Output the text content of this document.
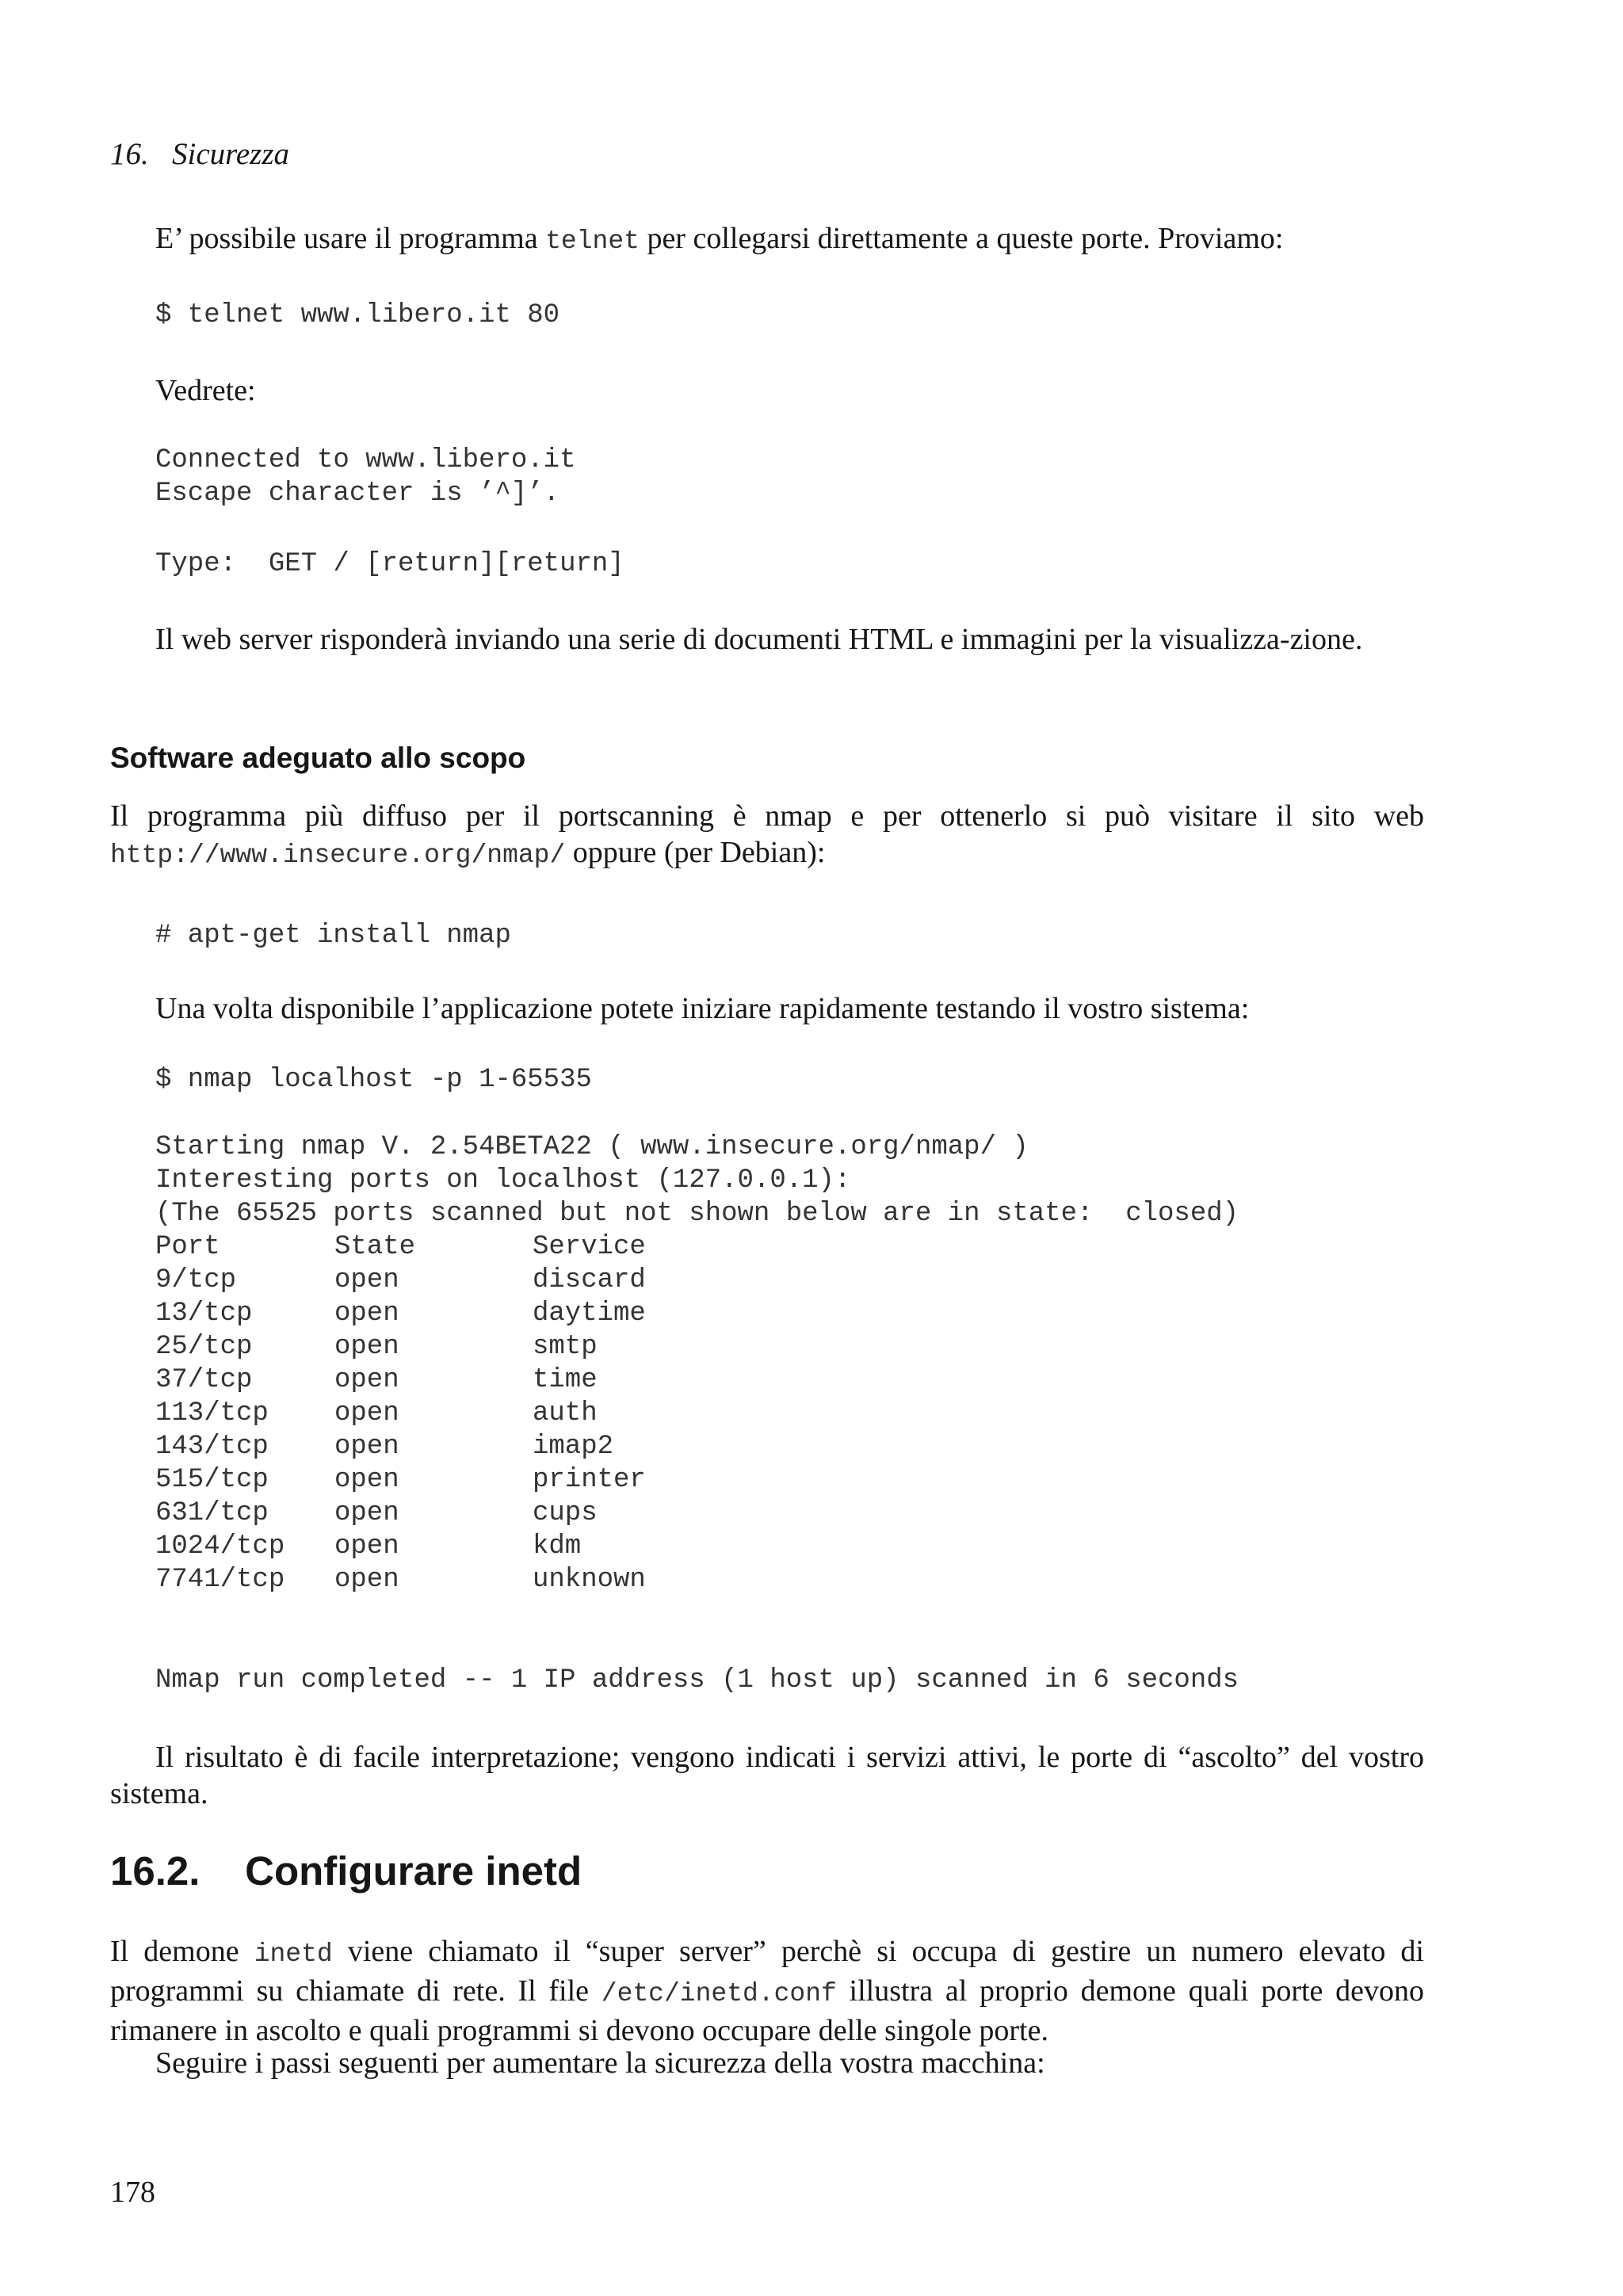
16. Sicurezza

E’ possibile usare il programma telnet per collegarsi direttamente a queste porte. Proviamo:

$ telnet www.libero.it 80

Vedrete:

Connected to www.libero.it
Escape character is ’^]’.
Type:  GET / [return][return]

Il web server risponderà inviando una serie di documenti HTML e immagini per la visualizza-zione.

Software adeguato allo scopo

Il programma più diffuso per il portscanning è nmap e per ottenerlo si può visitare il sito web http://www.insecure.org/nmap/ oppure (per Debian):

# apt-get install nmap

Una volta disponibile l’applicazione potete iniziare rapidamente testando il vostro sistema:

$ nmap localhost -p 1-65535
Starting nmap V. 2.54BETA22 ( www.insecure.org/nmap/ )
Interesting ports on localhost (127.0.0.1):
(The 65525 ports scanned but not shown below are in state:  closed)
Port	State	Service
9/tcp	open	discard
13/tcp	open	daytime
25/tcp	open	smtp
37/tcp	open	time
113/tcp	open	auth
143/tcp	open	imap2
515/tcp	open	printer
631/tcp	open	cups
1024/tcp	open	kdm
7741/tcp	open	unknown
Nmap run completed -- 1 IP address (1 host up) scanned in 6 seconds

Il risultato è di facile interpretazione; vengono indicati i servizi attivi, le porte di “ascolto” del vostro sistema.

16.2. Configurare inetd

Il demone inetd viene chiamato il “super server” perchè si occupa di gestire un numero elevato di programmi su chiamate di rete. Il file /etc/inetd.conf illustra al proprio demone quali porte devono rimanere in ascolto e quali programmi si devono occupare delle singole porte.

Seguire i passi seguenti per aumentare la sicurezza della vostra macchina:

178
